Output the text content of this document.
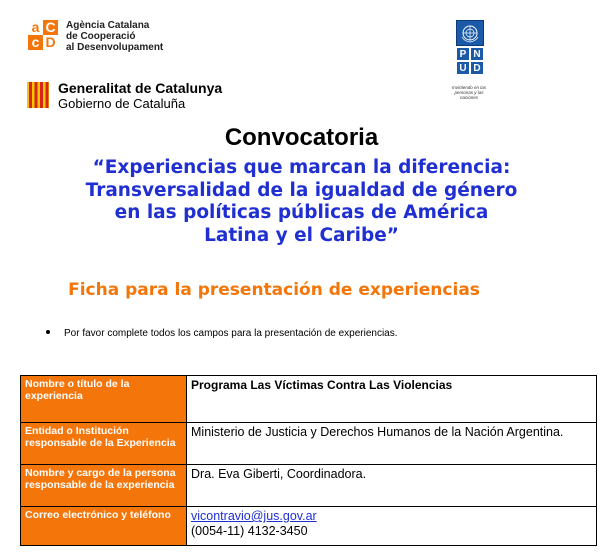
a C
c D
Agència Catalana
de Cooperació
al Desenvolupament
P N
U D
Invirtiendo en las personas y las naciones
Generalitat de Catalunya
Gobierno de Cataluña
Convocatoria
“Experiencias que marcan la diferencia:
Transversalidad de la igualdad de género
en las políticas públicas de América
Latina y el Caribe”
Ficha para la presentación de experiencias
Por favor complete todos los campos para la presentación de experiencias.
Nombre o título de la experiencia	Programa Las Víctimas Contra Las Violencias
Entidad o Institución responsable de la Experiencia	Ministerio de Justicia y Derechos Humanos de la Nación Argentina.
Nombre y cargo de la persona responsable de la experiencia	Dra. Eva Giberti, Coordinadora.
Correo electrónico y teléfono	vicontravio@jus.gov.ar
(0054-11) 4132-3450
